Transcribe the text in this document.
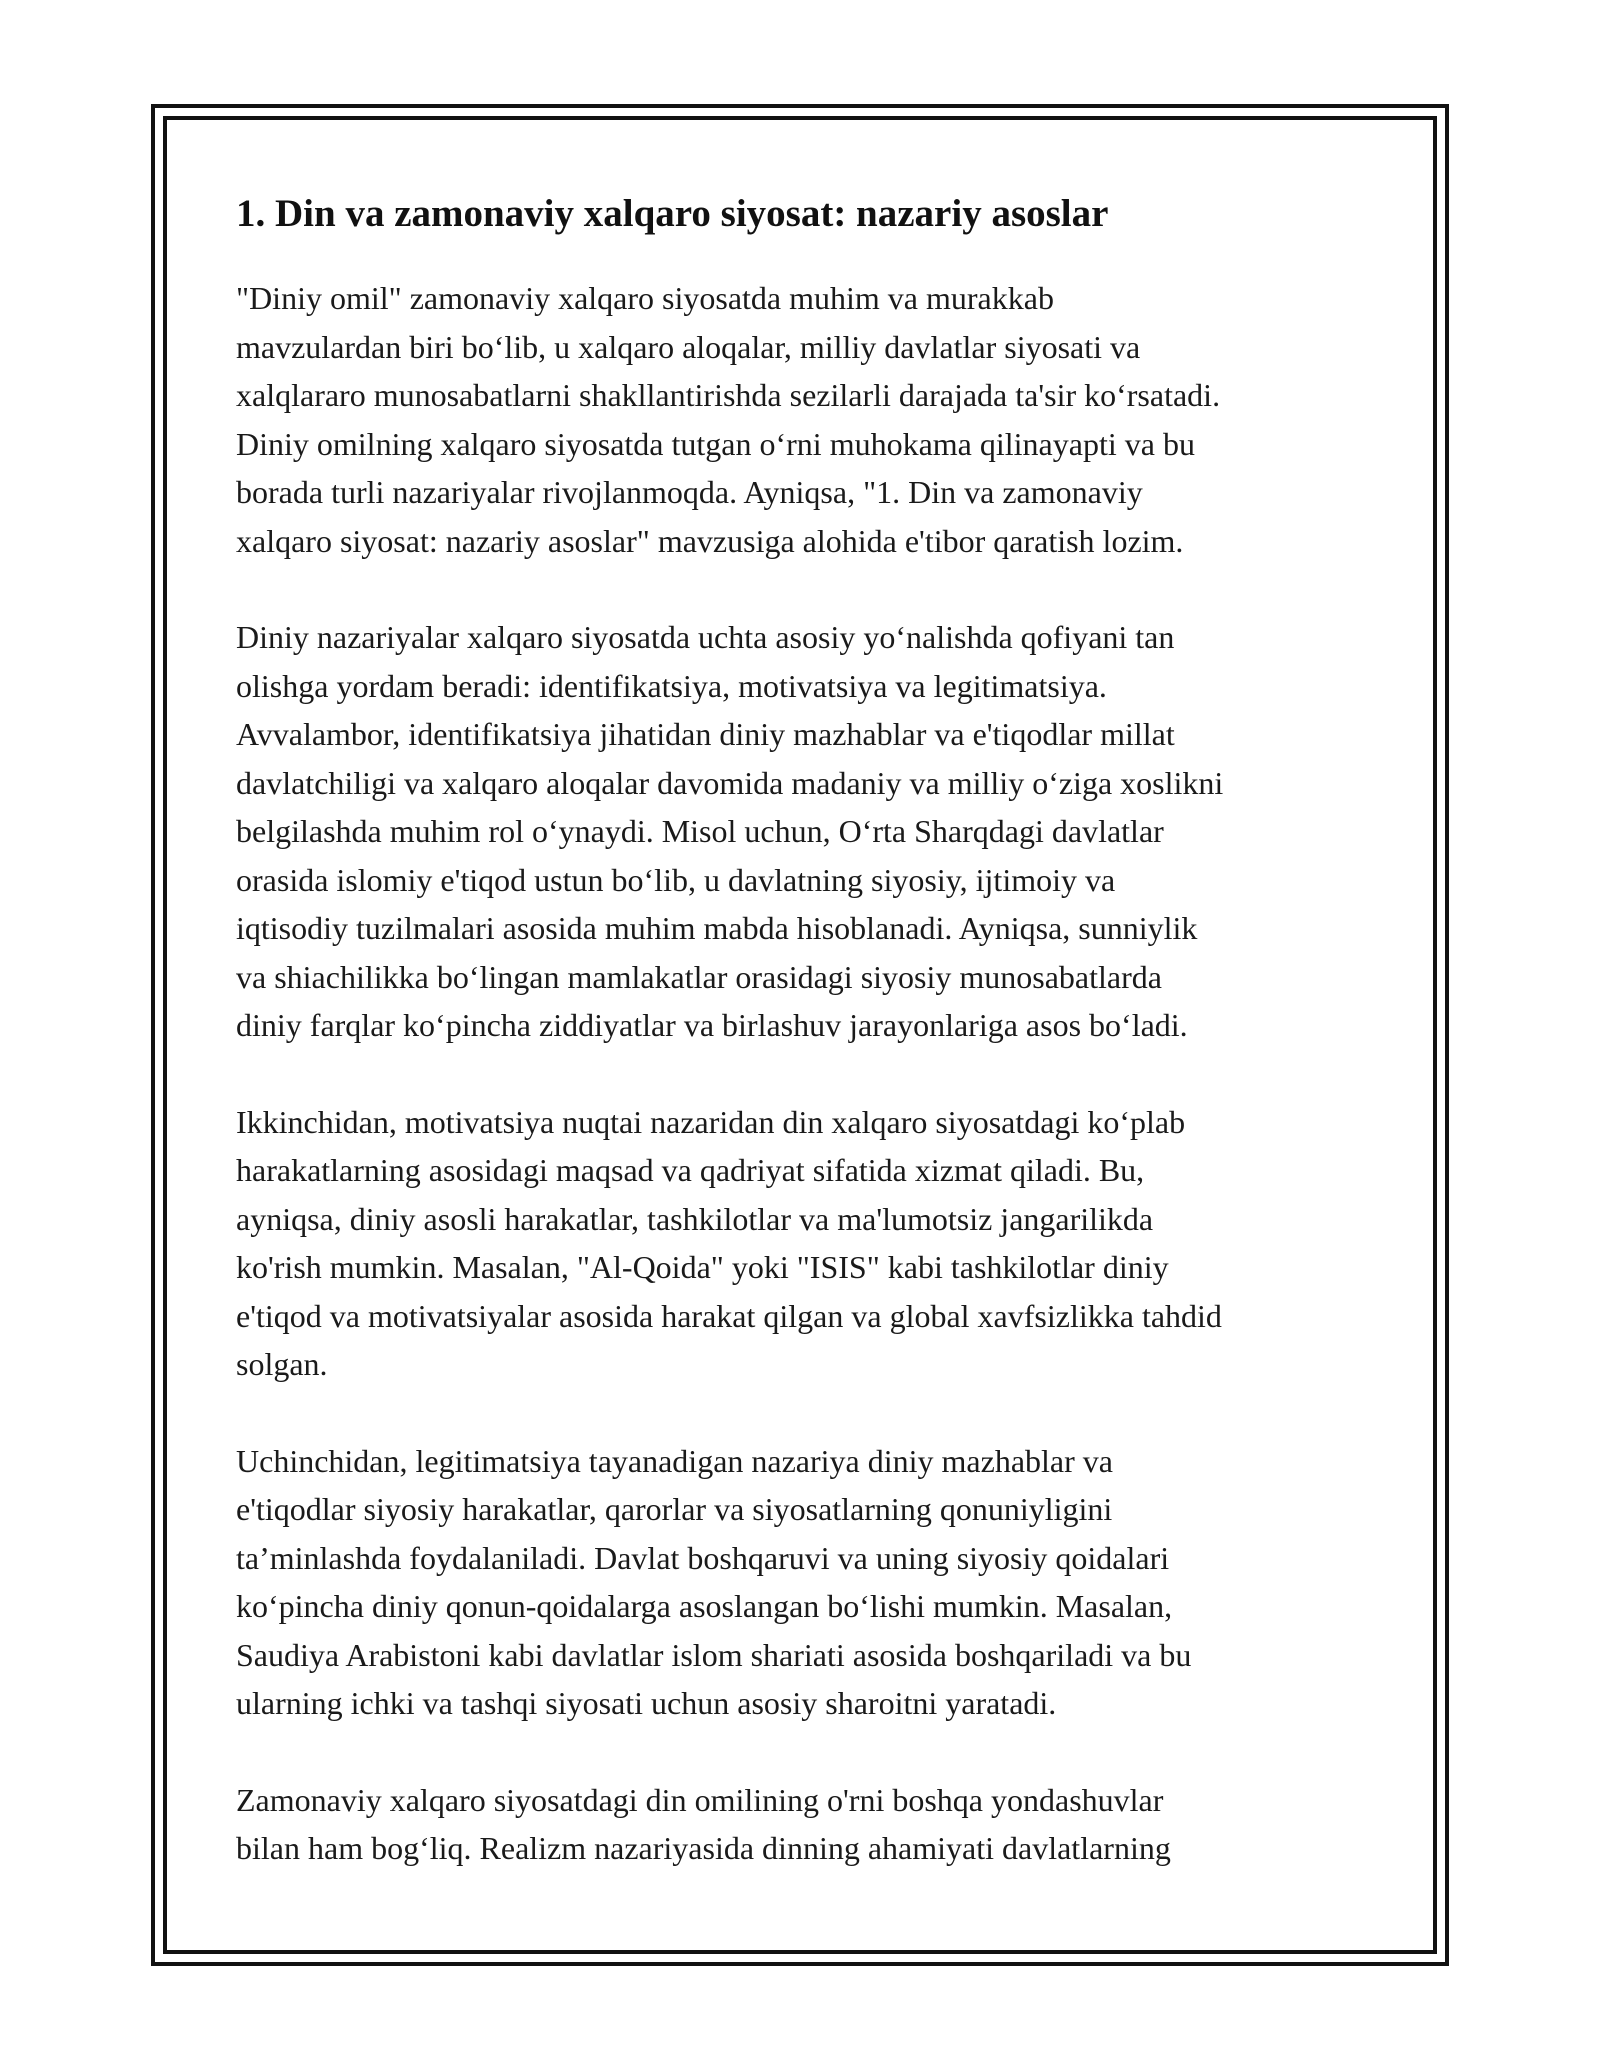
1. Din va zamonaviy xalqaro siyosat: nazariy asoslar

"Diniy omil" zamonaviy xalqaro siyosatda muhim va murakkab
mavzulardan biri bo‘lib, u xalqaro aloqalar, milliy davlatlar siyosati va
xalqlararo munosabatlarni shakllantirishda sezilarli darajada ta'sir ko‘rsatadi.
Diniy omilning xalqaro siyosatda tutgan o‘rni muhokama qilinayapti va bu
borada turli nazariyalar rivojlanmoqda. Ayniqsa, "1. Din va zamonaviy
xalqaro siyosat: nazariy asoslar" mavzusiga alohida e'tibor qaratish lozim.

Diniy nazariyalar xalqaro siyosatda uchta asosiy yo‘nalishda qofiyani tan
olishga yordam beradi: identifikatsiya, motivatsiya va legitimatsiya.
Avvalambor, identifikatsiya jihatidan diniy mazhablar va e'tiqodlar millat
davlatchiligi va xalqaro aloqalar davomida madaniy va milliy o‘ziga xoslikni
belgilashda muhim rol o‘ynaydi. Misol uchun, O‘rta Sharqdagi davlatlar
orasida islomiy e'tiqod ustun bo‘lib, u davlatning siyosiy, ijtimoiy va
iqtisodiy tuzilmalari asosida muhim mabda hisoblanadi. Ayniqsa, sunniylik
va shiachilikka bo‘lingan mamlakatlar orasidagi siyosiy munosabatlarda
diniy farqlar ko‘pincha ziddiyatlar va birlashuv jarayonlariga asos bo‘ladi.

Ikkinchidan, motivatsiya nuqtai nazaridan din xalqaro siyosatdagi ko‘plab
harakatlarning asosidagi maqsad va qadriyat sifatida xizmat qiladi. Bu,
ayniqsa, diniy asosli harakatlar, tashkilotlar va ma'lumotsiz jangarilikda
ko'rish mumkin. Masalan, "Al-Qoida" yoki "ISIS" kabi tashkilotlar diniy
e'tiqod va motivatsiyalar asosida harakat qilgan va global xavfsizlikka tahdid
solgan.

Uchinchidan, legitimatsiya tayanadigan nazariya diniy mazhablar va
e'tiqodlar siyosiy harakatlar, qarorlar va siyosatlarning qonuniyligini
ta’minlashda foydalaniladi. Davlat boshqaruvi va uning siyosiy qoidalari
ko‘pincha diniy qonun-qoidalarga asoslangan bo‘lishi mumkin. Masalan,
Saudiya Arabistoni kabi davlatlar islom shariati asosida boshqariladi va bu
ularning ichki va tashqi siyosati uchun asosiy sharoitni yaratadi.

Zamonaviy xalqaro siyosatdagi din omilining o'rni boshqa yondashuvlar
bilan ham bog‘liq. Realizm nazariyasida dinning ahamiyati davlatlarning
